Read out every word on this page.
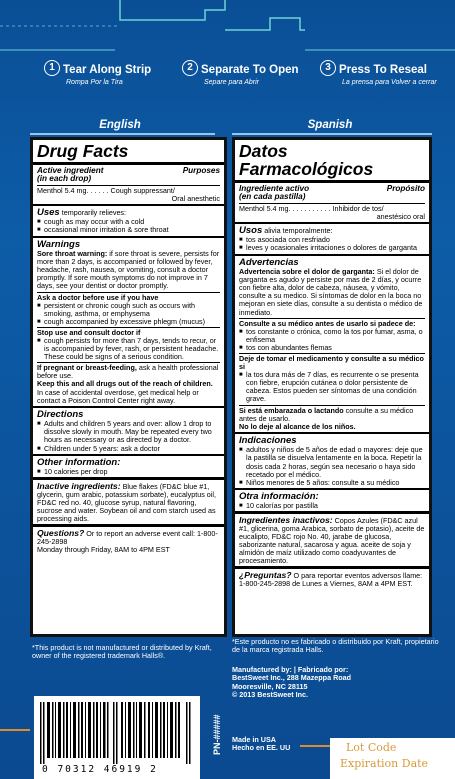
1 Tear Along Strip
Rompa Por la Tira
2 Separate To Open
Separe para Abrir
3 Press To Reseal
La prensa para Volver a cerrar
English	Spanish
Drug Facts
Active ingredient	Purposes
(in each drop)

Menthol 5.4 mg. . . . . . Cough suppressant/

Oral anesthetic

Uses temporarily relieves:

■ cough as may occur with a cold

■ occasional minor irritation & sore throat

Warnings

Sore throat warning: if sore throat is severe, persists for more than 2 days, is accompanied or followed by fever, headache, rash, nausea, or vomiting, consult a doctor promptly. If sore mouth symptoms do not improve in 7 days, see your dentist or doctor promptly.

Ask a doctor before use if you have

■ persistent or chronic cough such as occurs with smoking, asthma, or emphysema

■ cough accompanied by excessive phlegm (mucus)

Stop use and consult doctor if

■ cough persists for more than 7 days, tends to recur, or is accompanied by fever, rash, or persistent headache. These could be signs of a serious condition.

If pregnant or breast-feeding, ask a health professional before use.

Keep this and all drugs out of the reach of children. In case of accidental overdose, get medical help or contact a Poison Control Center right away.

Directions

■ Adults and children 5 years and over: allow 1 drop to dissolve slowly in mouth. May be repeated every two hours as necessary or as directed by a doctor.

■ Children under 5 years: ask a doctor

Other information:

■ 10 calories per drop

Inactive ingredients: Blue flakes (FD&C blue #1, glycerin, gum arabic, potassium sorbate), eucalyptus oil, FD&C red no. 40, glucose syrup, natural flavoring, sucrose and water. Soybean oil and corn starch used as processing aids.

Questions? Or to report an adverse event call: 1-800-245-2898

Monday through Friday, 8AM to 4PM EST

Datos
Farmacológicos
Ingrediente activo	Propósito
(en cada pastilla)

Menthol 5.4 mg. . . . . . . . . . . Inhibidor de tos/

anestésico oral

Usos alivia temporalmente:

■ tos asociada con resfriado

■ leves y ocasionales irritaciones o dolores de garganta

Advertencias

Advertencia sobre el dolor de garganta: Si el dolor de garganta es agudo y persiste por mas de 2 días, y ocurre con fiebre alta, dolor de cabeza, náusea, y vómito, consulte a su medico. Si síntomas de dolor en la boca no mejoran en siete días, consulte a su dentista o médico de inmediato.

Consulte a su médico antes de usarlo si padece de:

■ tos constante o crónica, como la tos por fumar, asma, o enfisema

■ tos con abundantes flemas

Deje de tomar el medicamento y consulte a su médico si

■ la tos dura más de 7 días, es recurrente o se presenta con fiebre, erupción cutánea o dolor persistente de cabeza. Estos pueden ser síntomas de una condición grave.

Si está embarazada o lactando consulte a su médico antes de usarlo.

No lo deje al alcance de los niños.

Indicaciones

■ adultos y niños de 5 años de edad o mayores: deje que la pastilla se disuelva lentamente en la boca. Repetir la dosis cada 2 horas, según sea necesario o haya sido recetado por el médico.

■ Niños menores de 5 años: consulte a su médico

Otra información:

■ 10 calorías por pastilla

Ingredientes inactivos: Copos Azules (FD&C azul #1, glicerina, goma Arabica, sorbato de potasio), aceite de eucalipto, FD&C rojo No. 40, jarabe de glucosa, saborizante natural, sacarosa y agua. aceite de soja y almidón de maíz utilizado como coadyuvantes de procesamiento.

¿Preguntas? O para reportar eventos adversos llame: 1-800-245-2898 de Lunes a Viernes, 8AM a 4PM EST.

*This product is not manufactured or distributed by Kraft, owner of the registered trademark Halls®.
*Este producto no es fabricado o distribuido por Kraft, propietario de la marca registrada Halls.
Manufactured by: | Fabricado por:
BestSweet Inc., 288 Mazeppa Road
Mooresville, NC 28115
© 2013 BestSweet Inc.
Made in USA
Hecho en EE. UU
0 70312 46919 2
PN-#####	Lot Code
Expiration Date
